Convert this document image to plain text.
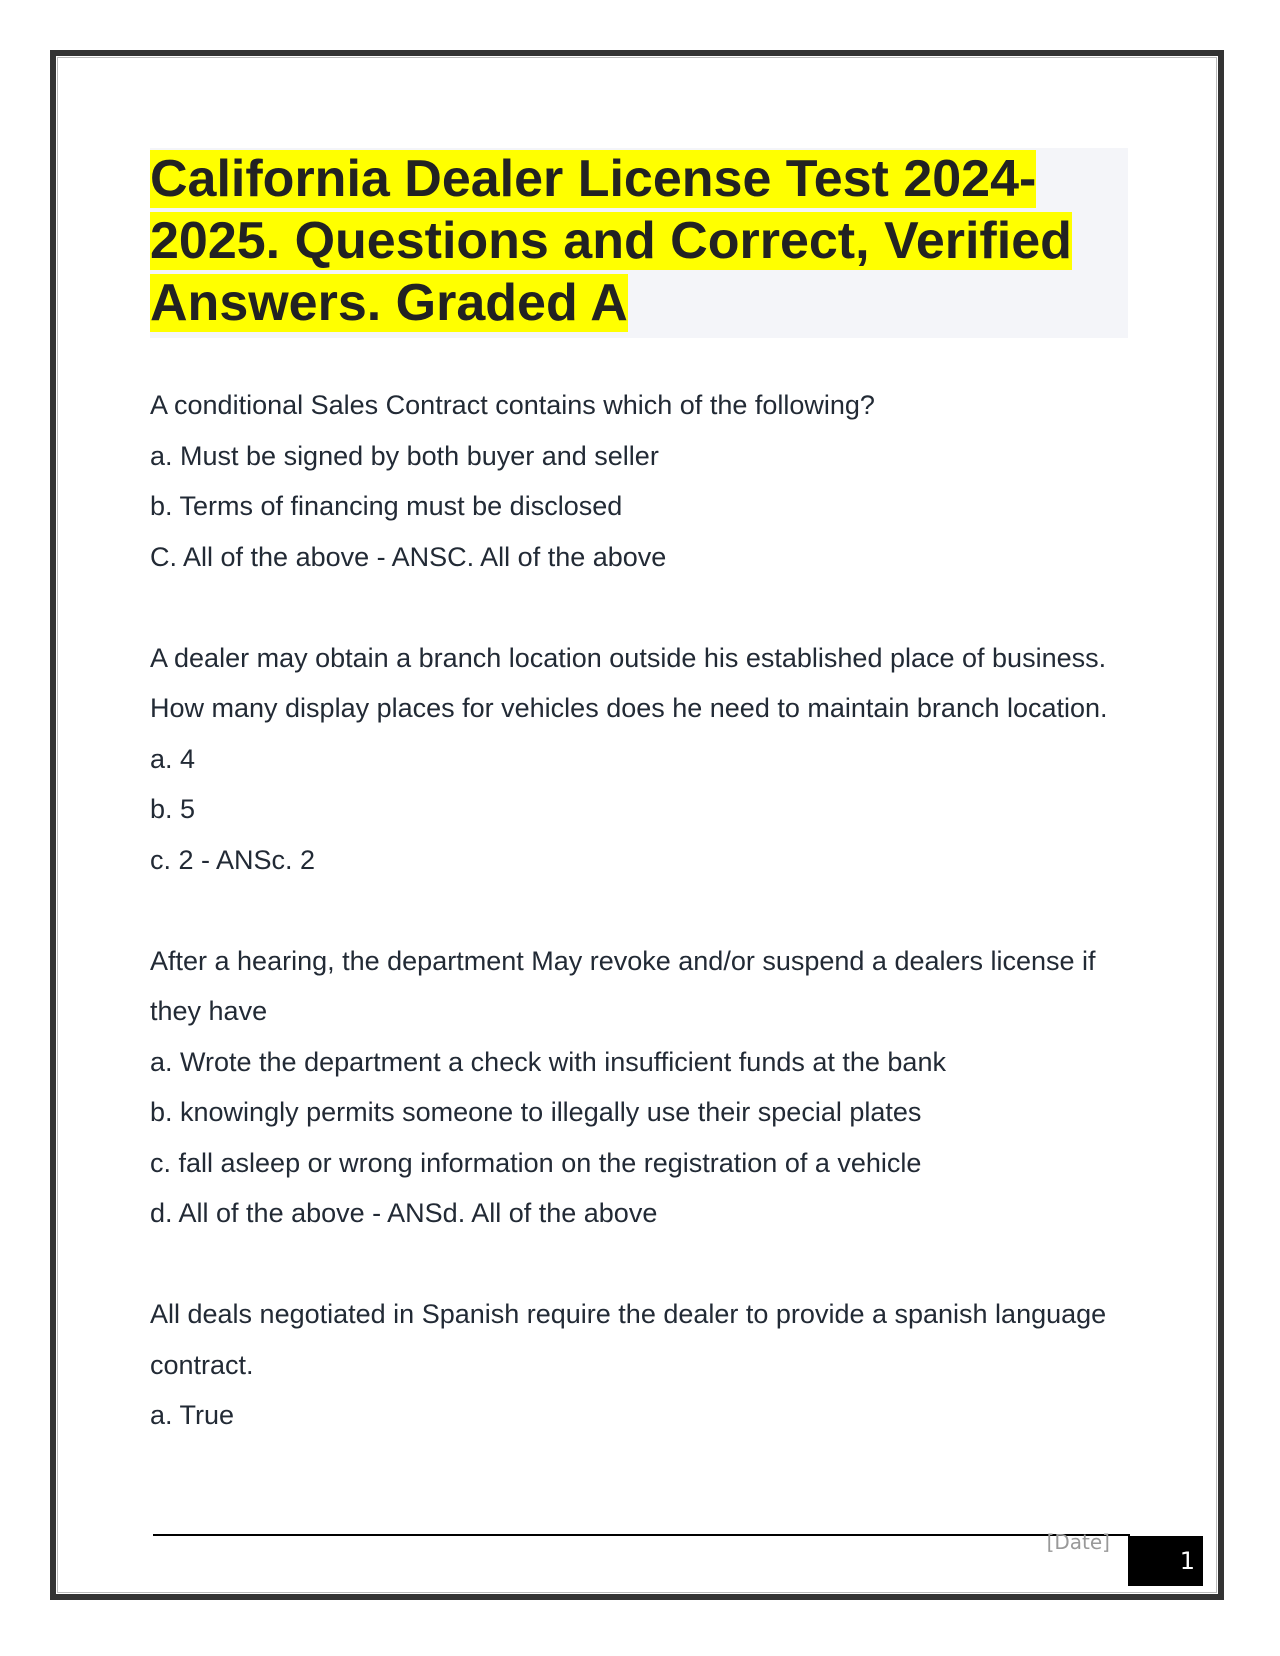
California Dealer License Test 2024-2025. Questions and Correct, Verified Answers. Graded A

A conditional Sales Contract contains which of the following?

a. Must be signed by both buyer and seller

b. Terms of financing must be disclosed

C. All of the above - ANSC. All of the above

A dealer may obtain a branch location outside his established place of business. How many display places for vehicles does he need to maintain branch location.

a. 4

b. 5

c. 2 - ANSc. 2

After a hearing, the department May revoke and/or suspend a dealers license if they have

a. Wrote the department a check with insufficient funds at the bank

b. knowingly permits someone to illegally use their special plates

c. fall asleep or wrong information on the registration of a vehicle

d. All of the above - ANSd. All of the above

All deals negotiated in Spanish require the dealer to provide a spanish language contract.

a. True

[Date]
1
